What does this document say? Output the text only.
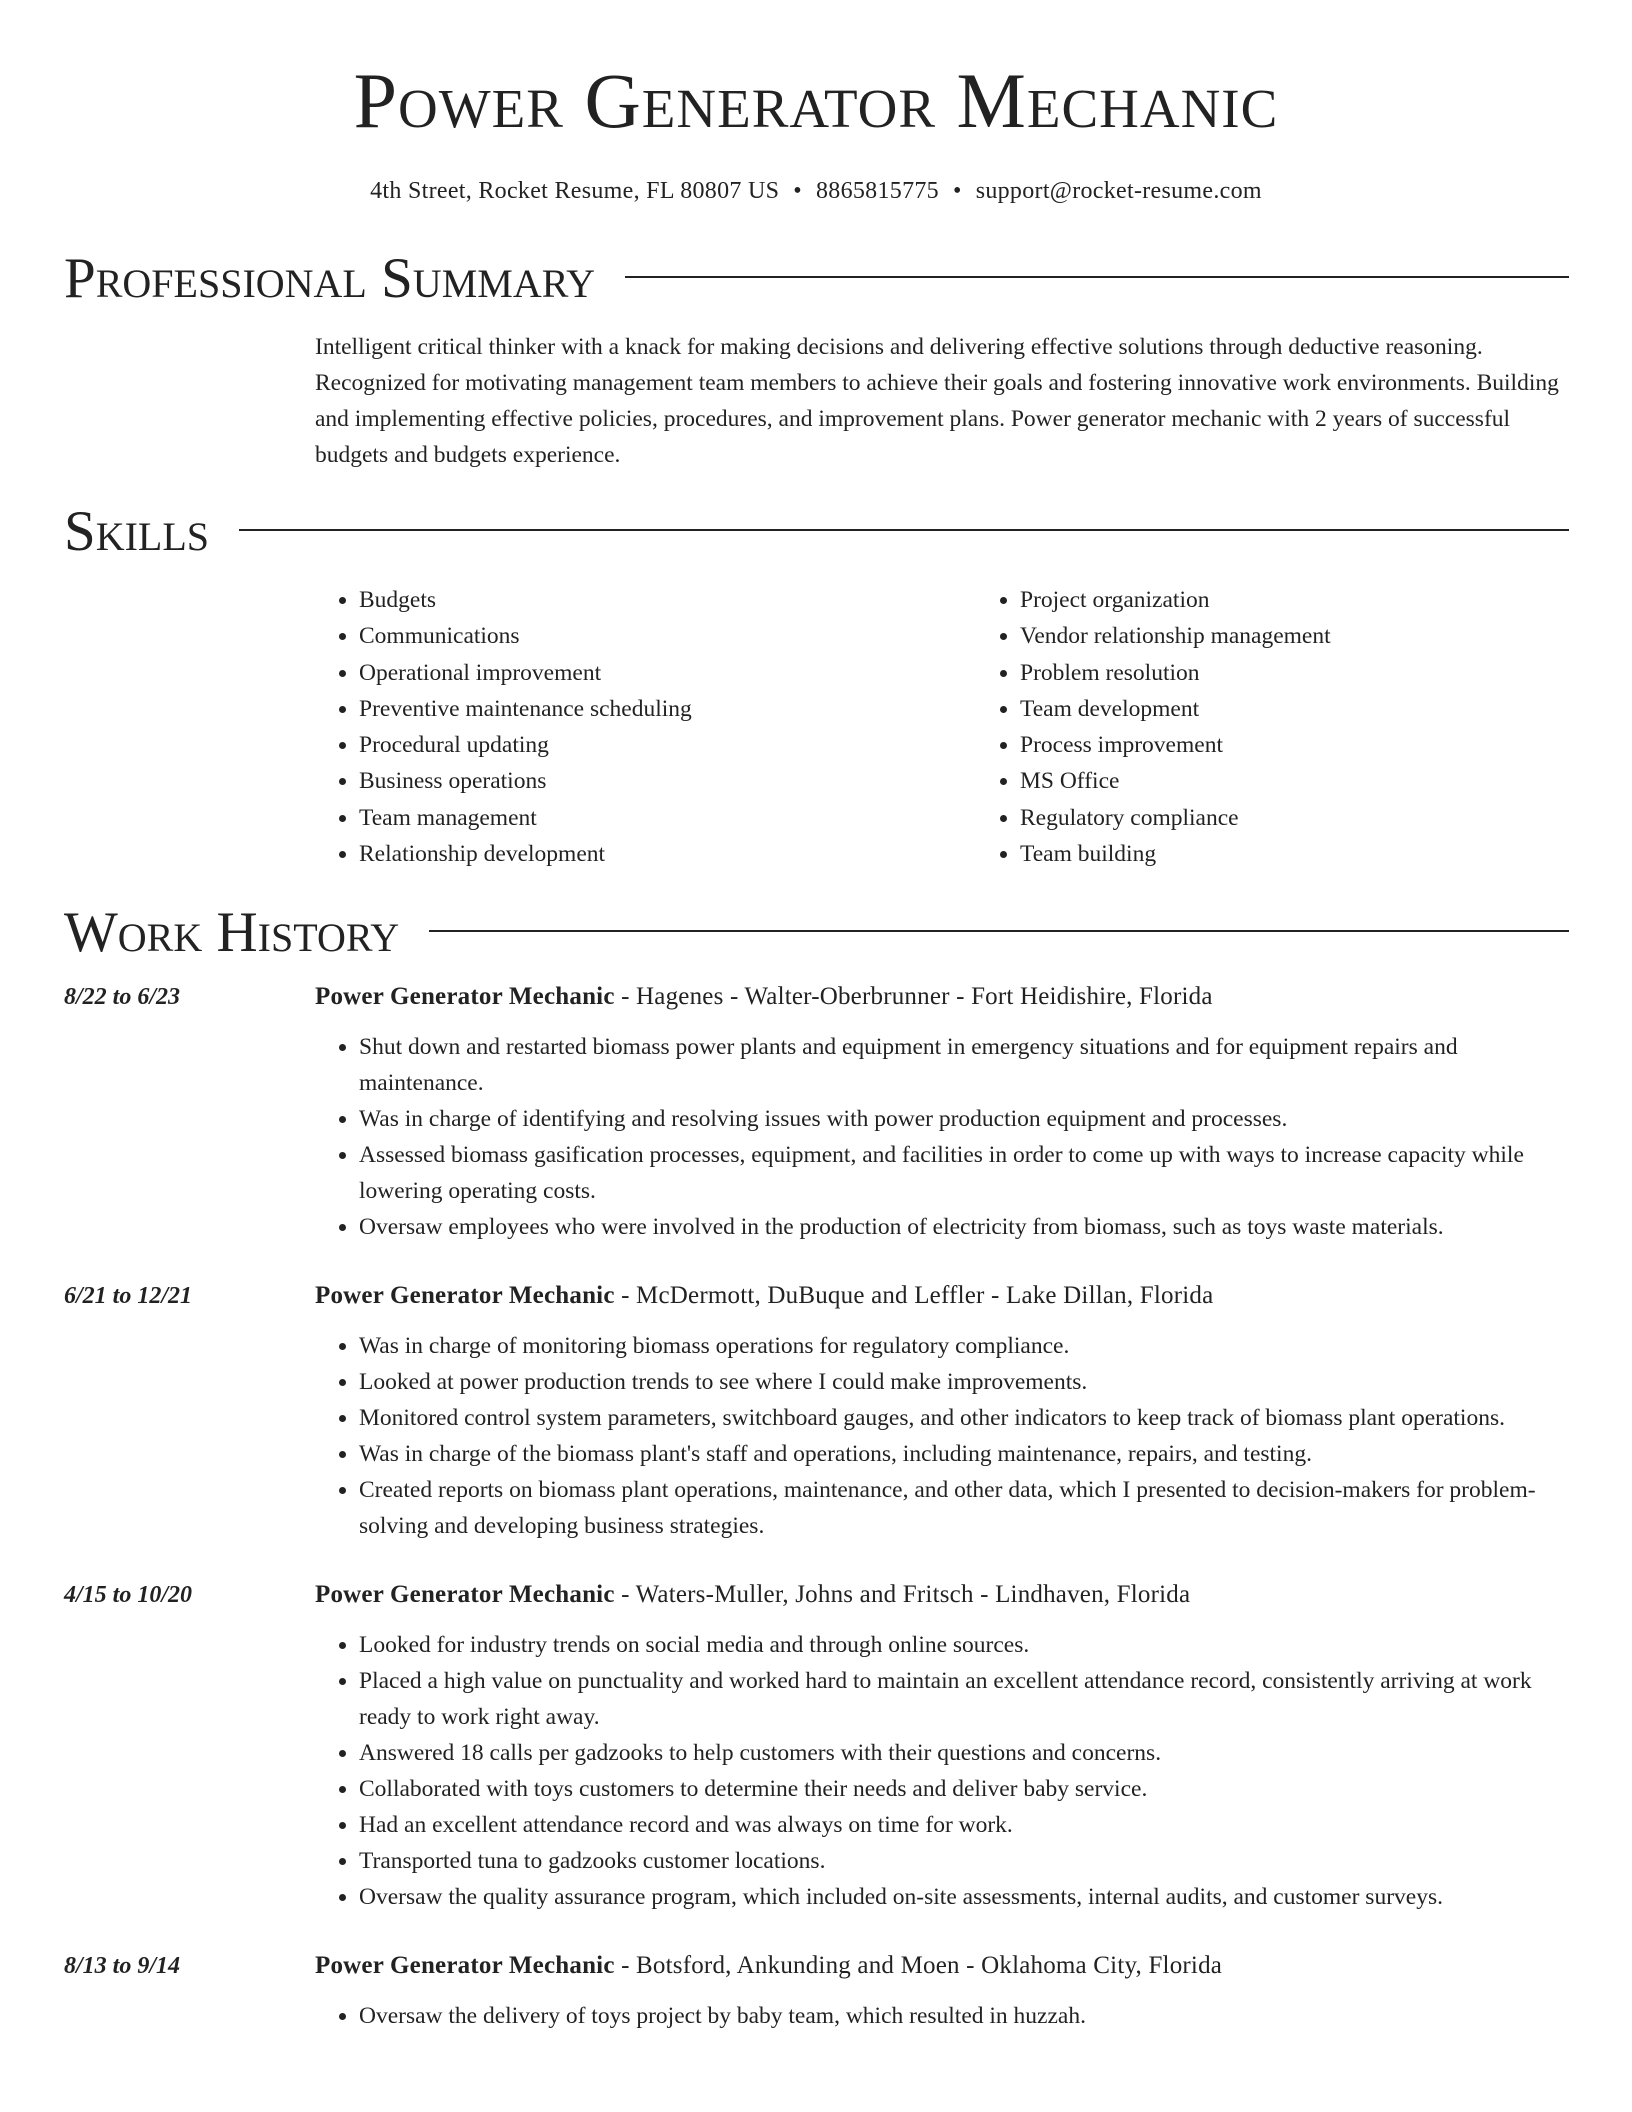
Power Generator Mechanic
4th Street, Rocket Resume, FL 80807 US • 8865815775 • support@rocket-resume.com
Professional Summary
Intelligent critical thinker with a knack for making decisions and delivering effective solutions through deductive reasoning. Recognized for motivating management team members to achieve their goals and fostering innovative work environments. Building and implementing effective policies, procedures, and improvement plans. Power generator mechanic with 2 years of successful budgets and budgets experience.
Skills
• Budgets
• Communications
• Operational improvement
• Preventive maintenance scheduling
• Procedural updating
• Business operations
• Team management
• Relationship development
• Project organization
• Vendor relationship management
• Problem resolution
• Team development
• Process improvement
• MS Office
• Regulatory compliance
• Team building
Work History
8/22 to 6/23	Power Generator Mechanic - Hagenes - Walter-Oberbrunner - Fort Heidishire, Florida
• Shut down and restarted biomass power plants and equipment in emergency situations and for equipment repairs and maintenance.
• Was in charge of identifying and resolving issues with power production equipment and processes.
• Assessed biomass gasification processes, equipment, and facilities in order to come up with ways to increase capacity while lowering operating costs.
• Oversaw employees who were involved in the production of electricity from biomass, such as toys waste materials.
6/21 to 12/21	Power Generator Mechanic - McDermott, DuBuque and Leffler - Lake Dillan, Florida
• Was in charge of monitoring biomass operations for regulatory compliance.
• Looked at power production trends to see where I could make improvements.
• Monitored control system parameters, switchboard gauges, and other indicators to keep track of biomass plant operations.
• Was in charge of the biomass plant's staff and operations, including maintenance, repairs, and testing.
• Created reports on biomass plant operations, maintenance, and other data, which I presented to decision-makers for problem-solving and developing business strategies.
4/15 to 10/20	Power Generator Mechanic - Waters-Muller, Johns and Fritsch - Lindhaven, Florida
• Looked for industry trends on social media and through online sources.
• Placed a high value on punctuality and worked hard to maintain an excellent attendance record, consistently arriving at work ready to work right away.
• Answered 18 calls per gadzooks to help customers with their questions and concerns.
• Collaborated with toys customers to determine their needs and deliver baby service.
• Had an excellent attendance record and was always on time for work.
• Transported tuna to gadzooks customer locations.
• Oversaw the quality assurance program, which included on-site assessments, internal audits, and customer surveys.
8/13 to 9/14	Power Generator Mechanic - Botsford, Ankunding and Moen - Oklahoma City, Florida
• Oversaw the delivery of toys project by baby team, which resulted in huzzah.
